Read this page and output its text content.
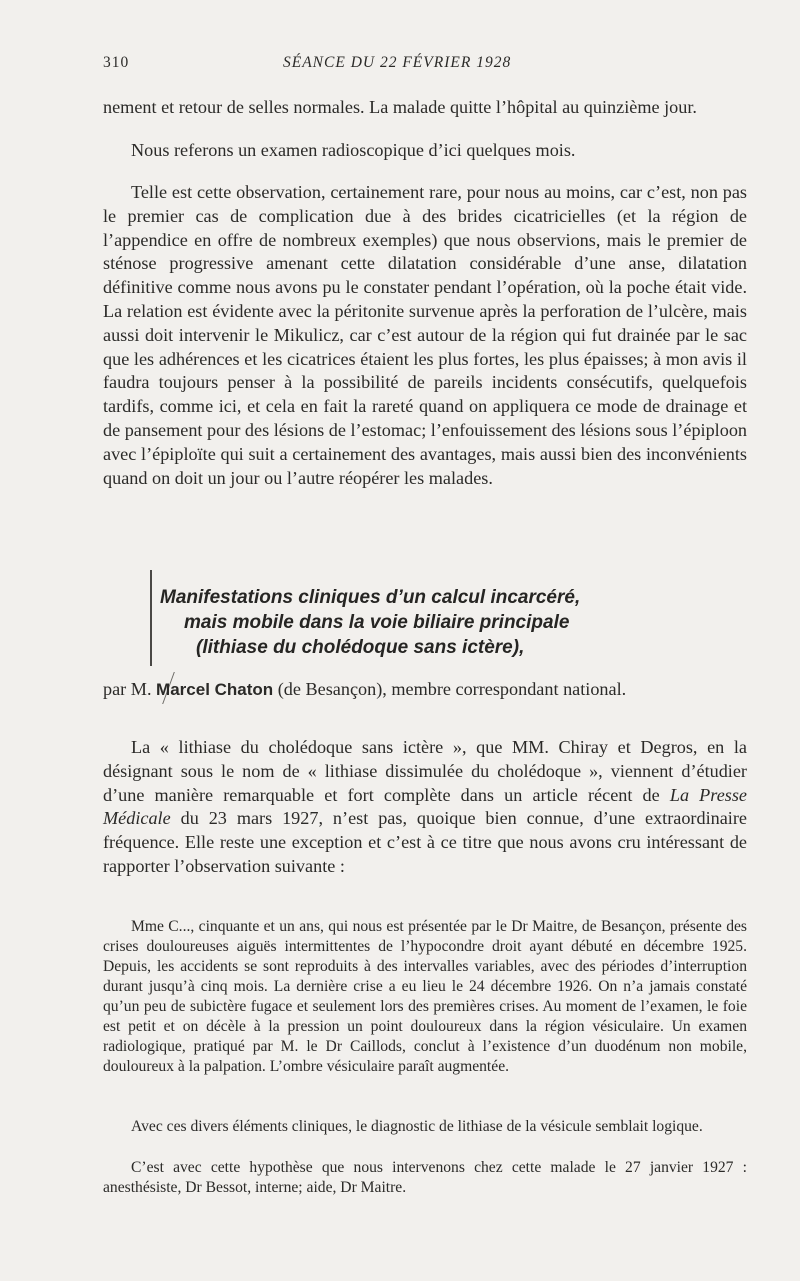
310	SÉANCE DU 22 FÉVRIER 1928

nement et retour de selles normales. La malade quitte l’hôpital au quinzième jour.

Nous referons un examen radioscopique d’ici quelques mois.

Telle est cette observation, certainement rare, pour nous au moins, car c’est, non pas le premier cas de complication due à des brides cicatricielles (et la région de l’appendice en offre de nombreux exemples) que nous observions, mais le premier de sténose progressive amenant cette dilatation considérable d’une anse, dilatation définitive comme nous avons pu le constater pendant l’opération, où la poche était vide. La relation est évidente avec la péritonite survenue après la perforation de l’ulcère, mais aussi doit intervenir le Mikulicz, car c’est autour de la région qui fut drainée par le sac que les adhérences et les cicatrices étaient les plus fortes, les plus épaisses; à mon avis il faudra toujours penser à la possibilité de pareils incidents consécutifs, quelquefois tardifs, comme ici, et cela en fait la rareté quand on appliquera ce mode de drainage et de pansement pour des lésions de l’estomac; l’enfouissement des lésions sous l’épiploon avec l’épiploïte qui suit a certainement des avantages, mais aussi bien des inconvénients quand on doit un jour ou l’autre réopérer les malades.

Manifestations cliniques d’un calcul incarcéré,

mais mobile dans la voie biliaire principale

(lithiase du cholédoque sans ictère),

par M. Marcel Chaton (de Besançon), membre correspondant national.

La « lithiase du cholédoque sans ictère », que MM. Chiray et Degros, en la désignant sous le nom de « lithiase dissimulée du cholédoque », viennent d’étudier d’une manière remarquable et fort complète dans un article récent de La Presse Médicale du 23 mars 1927, n’est pas, quoique bien connue, d’une extraordinaire fréquence. Elle reste une exception et c’est à ce titre que nous avons cru intéressant de rapporter l’observation suivante :

Mme C..., cinquante et un ans, qui nous est présentée par le Dr Maitre, de Besançon, présente des crises douloureuses aiguës intermittentes de l’hypocondre droit ayant débuté en décembre 1925. Depuis, les accidents se sont reproduits à des intervalles variables, avec des périodes d’interruption durant jusqu’à cinq mois. La dernière crise a eu lieu le 24 décembre 1926. On n’a jamais constaté qu’un peu de subictère fugace et seulement lors des premières crises. Au moment de l’examen, le foie est petit et on décèle à la pression un point douloureux dans la région vésiculaire. Un examen radiologique, pratiqué par M. le Dr Caillods, conclut à l’existence d’un duodénum non mobile, douloureux à la palpation. L’ombre vésiculaire paraît augmentée.

Avec ces divers éléments cliniques, le diagnostic de lithiase de la vésicule semblait logique.

C’est avec cette hypothèse que nous intervenons chez cette malade le 27 janvier 1927 : anesthésiste, Dr Bessot, interne; aide, Dr Maitre.
